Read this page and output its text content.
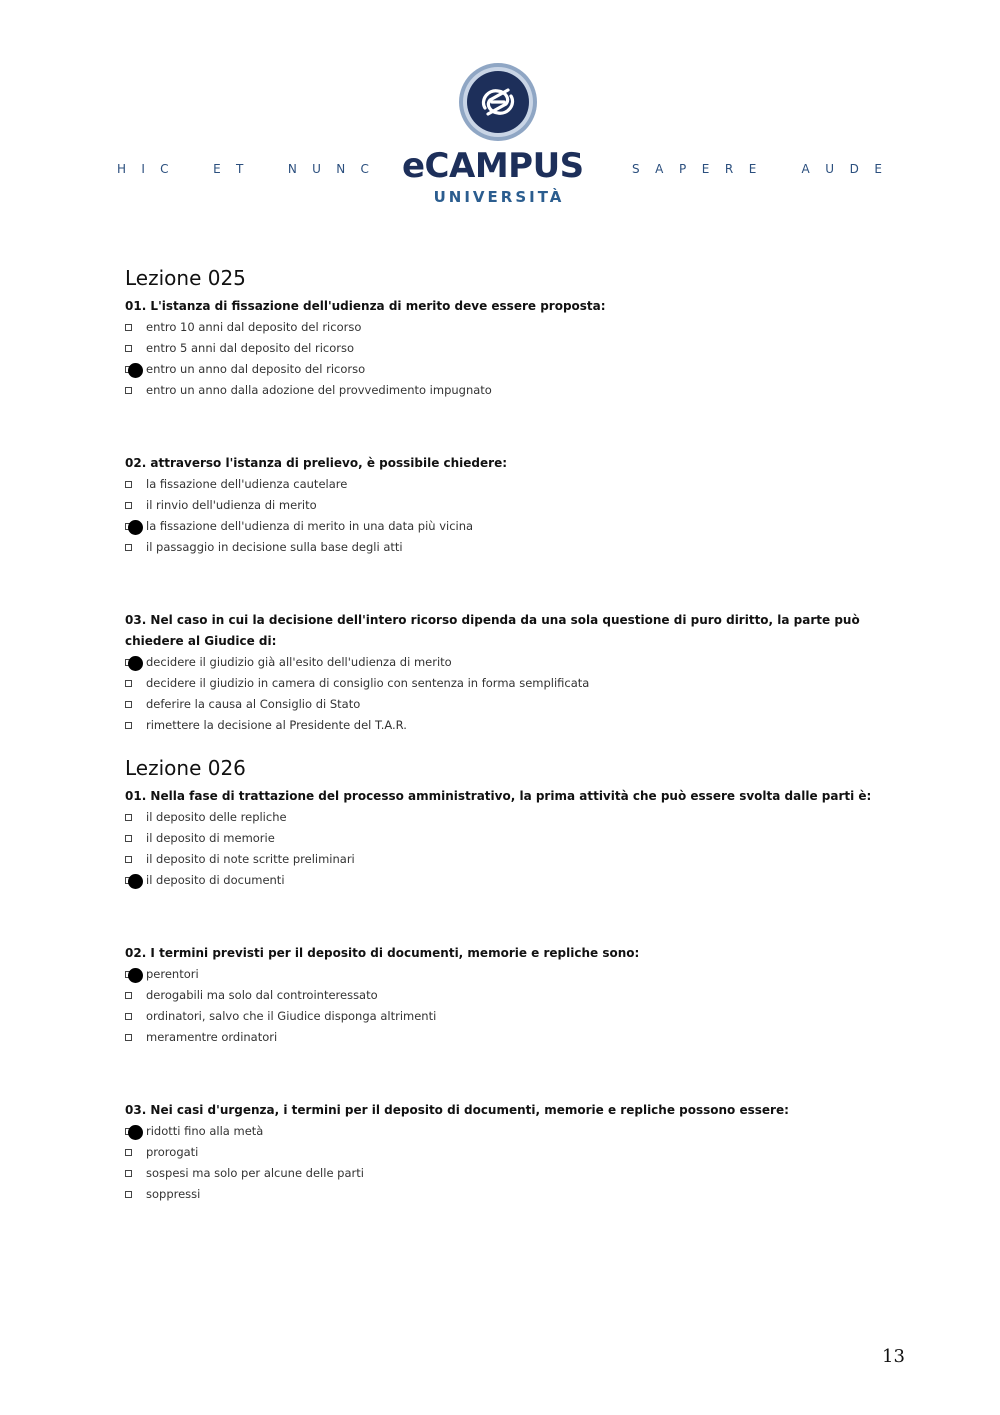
H I C	E T	N U N C eCAMPUS
UNIVERSITÀ
S A P E R E	A U D E
Lezione 025

01. L'istanza di fissazione dell'udienza di merito deve essere proposta:

entro 10 anni dal deposito del ricorso
entro 5 anni dal deposito del ricorso
entro un anno dal deposito del ricorso
entro un anno dalla adozione del provvedimento impugnato

02. attraverso l'istanza di prelievo, è possibile chiedere:

la fissazione dell'udienza cautelare
il rinvio dell'udienza di merito
la fissazione dell'udienza di merito in una data più vicina
il passaggio in decisione sulla base degli atti

03. Nel caso in cui la decisione dell'intero ricorso dipenda da una sola questione di puro diritto, la parte può chiedere al Giudice di:

decidere il giudizio già all'esito dell'udienza di merito
decidere il giudizio in camera di consiglio con sentenza in forma semplificata
deferire la causa al Consiglio di Stato
rimettere la decisione al Presidente del T.A.R.
Lezione 026

01. Nella fase di trattazione del processo amministrativo, la prima attività che può essere svolta dalle parti è:

il deposito delle repliche
il deposito di memorie
il deposito di note scritte preliminari
il deposito di documenti

02. I termini previsti per il deposito di documenti, memorie e repliche sono:

perentori
derogabili ma solo dal controinteressato
ordinatori, salvo che il Giudice disponga altrimenti
meramentre ordinatori

03. Nei casi d'urgenza, i termini per il deposito di documenti, memorie e repliche possono essere:

ridotti fino alla metà
prorogati
sospesi ma solo per alcune delle parti
soppressi
13
